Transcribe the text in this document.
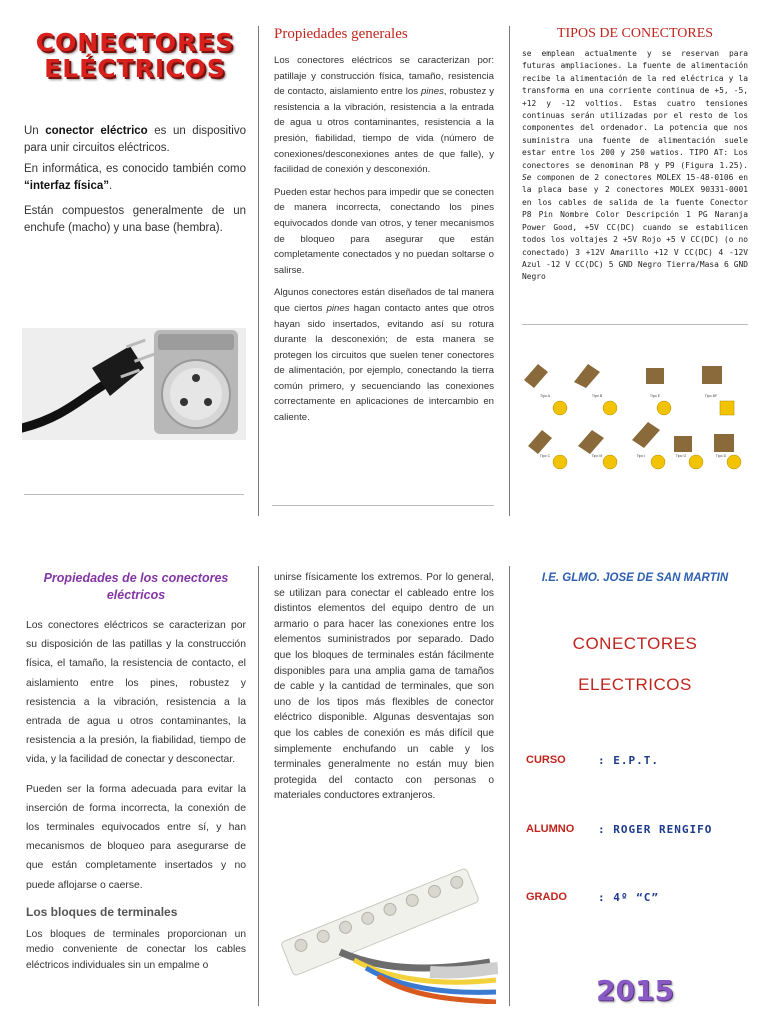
CONECTORES
ELÉCTRICOS

Un conector eléctrico es un dispositivo para unir circuitos eléctricos.

En informática, es conocido también como “interfaz física”.

Están compuestos generalmente de un enchufe (macho) y una base (hembra).

Propiedades generales

Los conectores eléctricos se caracterizan por: patillaje y construcción física, tamaño, resistencia de contacto, aislamiento entre los pines, robustez y resistencia a la vibración, resistencia a la entrada de agua u otros contaminantes, resistencia a la presión, fiabilidad, tiempo de vida (número de conexiones/desconexiones antes de que falle), y facilidad de conexión y desconexión.

Pueden estar hechos para impedir que se conecten de manera incorrecta, conectando los pines equivocados donde van otros, y tener mecanismos de bloqueo para asegurar que están completamente conectados y no puedan soltarse o salirse.

Algunos conectores están diseñados de tal manera que ciertos pines hagan contacto antes que otros hayan sido insertados, evitando así su rotura durante la desconexión; de esta manera se protegen los circuitos que suelen tener conectores de alimentación, por ejemplo, conectando la tierra común primero, y secuenciando las conexiones correctamente en aplicaciones de intercambio en caliente.

TIPOS DE CONECTORES

se emplean actualmente y se reservan para futuras ampliaciones. La fuente de alimentación recibe la alimentación de la red eléctrica y la transforma en una corriente continua de +5, -5, +12 y -12 voltios. Estas cuatro tensiones continuas serán utilizadas por el resto de los componentes del ordenador. La potencia que nos suministra una fuente de alimentación suele estar entre los 200 y 250 watios. TIPO AT: Los conectores se denominan P8 y P9 (Figura 1.25). Se componen de 2 conectores MOLEX 15-48-0106 en la placa base y 2 conectores MOLEX 90331-0001 en los cables de salida de la fuente Conector P8 Pin Nombre Color Descripción 1 PG Naranja Power Good, +5V CC(DC) cuando se estabilicen todos los voltajes 2 +5V Rojo +5 V CC(DC) (o no conectado) 3 +12V Amarillo +12 V CC(DC) 4 -12V Azul -12 V CC(DC) 5 GND Negro Tierra/Masa 6 GND Negro

Tipo A	Tipo B	Tipo E	Tipo BF
Tipo C	Tipo M	Tipo I	Tipo G	Tipo D
Propiedades de los conectores eléctricos

Los conectores eléctricos se caracterizan por su disposición de las patillas y la construcción física, el tamaño, la resistencia de contacto, el aislamiento entre los pines, robustez y resistencia a la vibración, resistencia a la entrada de agua u otros contaminantes, la resistencia a la presión, la fiabilidad, tiempo de vida, y la facilidad de conectar y desconectar.

Pueden ser la forma adecuada para evitar la inserción de forma incorrecta, la conexión de los terminales equivocados entre sí, y han mecanismos de bloqueo para asegurarse de que están completamente insertados y no puede aflojarse o caerse.

Los bloques de terminales

Los bloques de terminales proporcionan un medio conveniente de conectar los cables eléctricos individuales sin un empalme o

unirse físicamente los extremos. Por lo general, se utilizan para conectar el cableado entre los distintos elementos del equipo dentro de un armario o para hacer las conexiones entre los elementos suministrados por separado. Dado que los bloques de terminales están fácilmente disponibles para una amplia gama de tamaños de cable y la cantidad de terminales, que son uno de los tipos más flexibles de conector eléctrico disponible. Algunas desventajas son que los cables de conexión es más difícil que simplemente enchufando un cable y los terminales generalmente no están muy bien protegida del contacto con personas o materiales conductores extranjeros.

I.E. GLMO. JOSE DE SAN MARTIN
CONECTORES
ELECTRICOS
CURSO	: E.P.T.
ALUMNO : ROGER RENGIFO
GRADO	: 4º “C”
2015
